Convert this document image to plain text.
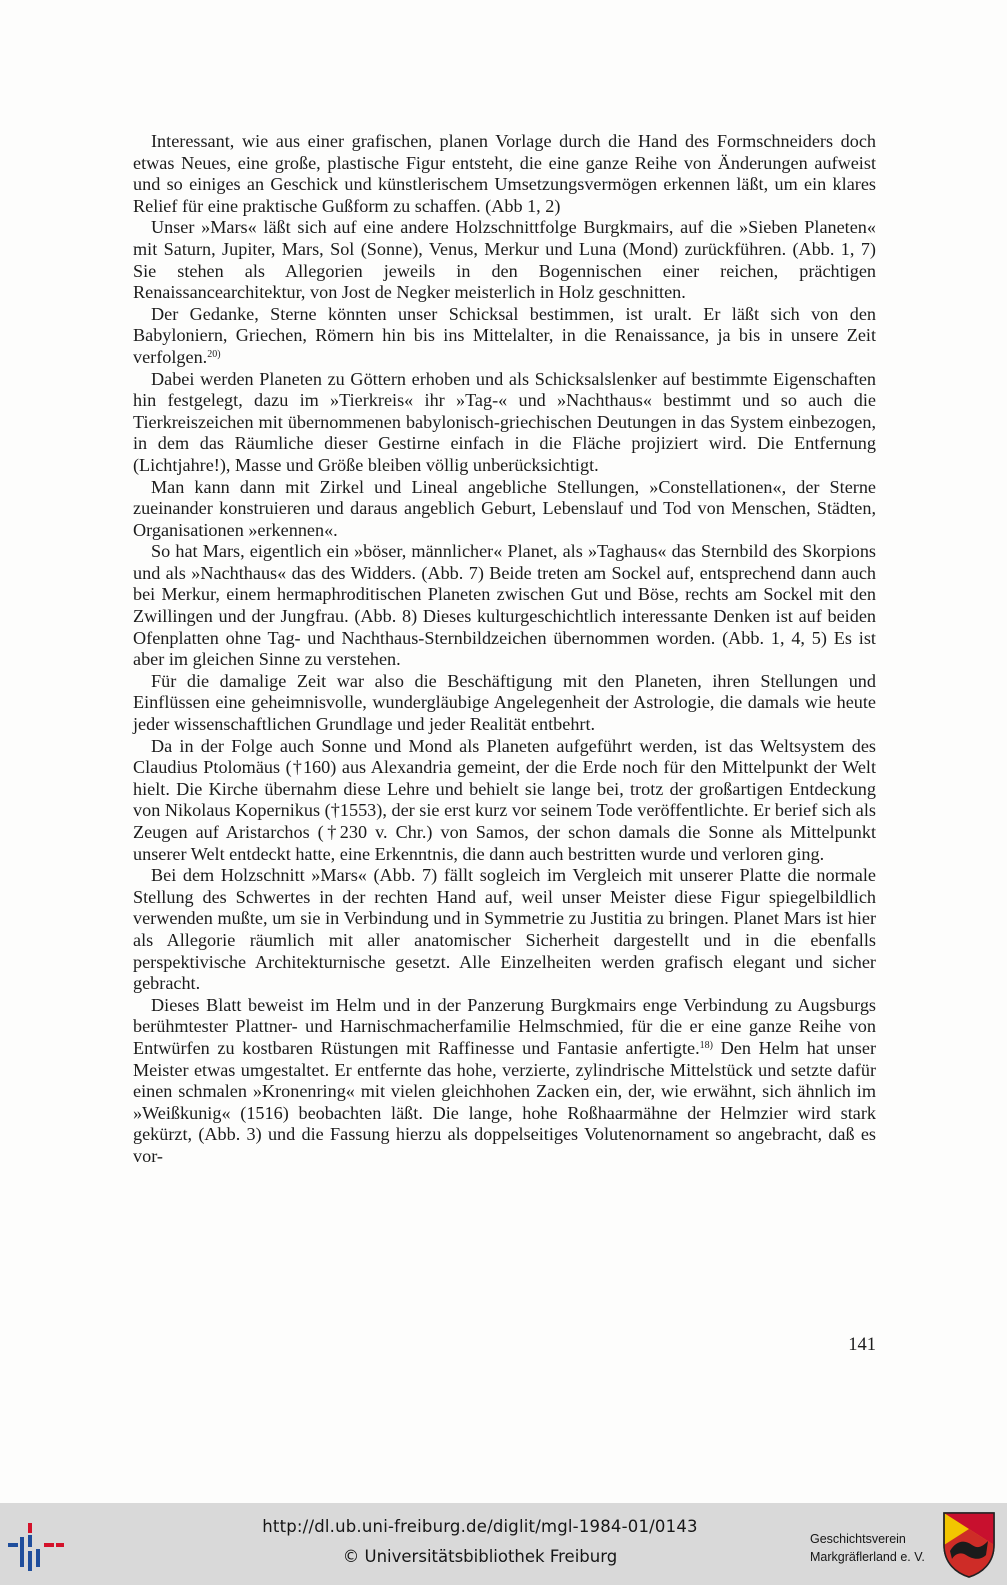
Interessant, wie aus einer grafischen, planen Vorlage durch die Hand des Formschneiders doch etwas Neues, eine große, plastische Figur entsteht, die eine ganze Reihe von Änderungen aufweist und so einiges an Geschick und künstlerischem Umsetzungsvermögen erkennen läßt, um ein klares Relief für eine praktische Gußform zu schaffen. (Abb 1, 2)

Unser »Mars« läßt sich auf eine andere Holzschnittfolge Burgkmairs, auf die »Sieben Planeten« mit Saturn, Jupiter, Mars, Sol (Sonne), Venus, Merkur und Luna (Mond) zurückführen. (Abb. 1, 7) Sie stehen als Allegorien jeweils in den Bogennischen einer reichen, prächtigen Renaissancearchitektur, von Jost de Negker meisterlich in Holz geschnitten.

Der Gedanke, Sterne könnten unser Schicksal bestimmen, ist uralt. Er läßt sich von den Babyloniern, Griechen, Römern hin bis ins Mittelalter, in die Renaissance, ja bis in unsere Zeit verfolgen.$^{20)}$

Dabei werden Planeten zu Göttern erhoben und als Schicksalslenker auf bestimmte Eigenschaften hin festgelegt, dazu im »Tierkreis« ihr »Tag-« und »Nachthaus« bestimmt und so auch die Tierkreiszeichen mit übernommenen babylonisch-griechischen Deutungen in das System einbezogen, in dem das Räumliche dieser Gestirne einfach in die Fläche projiziert wird. Die Entfernung (Lichtjahre!), Masse und Größe bleiben völlig unberücksichtigt.

Man kann dann mit Zirkel und Lineal angebliche Stellungen, »Constellationen«, der Sterne zueinander konstruieren und daraus angeblich Geburt, Lebenslauf und Tod von Menschen, Städten, Organisationen »erkennen«.

So hat Mars, eigentlich ein »böser, männlicher« Planet, als »Taghaus« das Sternbild des Skorpions und als »Nachthaus« das des Widders. (Abb. 7) Beide treten am Sockel auf, entsprechend dann auch bei Merkur, einem hermaphroditischen Planeten zwischen Gut und Böse, rechts am Sockel mit den Zwillingen und der Jungfrau. (Abb. 8) Dieses kulturgeschichtlich interessante Denken ist auf beiden Ofenplatten ohne Tag- und Nachthaus-Sternbildzeichen übernommen worden. (Abb. 1, 4, 5) Es ist aber im gleichen Sinne zu verstehen.

Für die damalige Zeit war also die Beschäftigung mit den Planeten, ihren Stellungen und Einflüssen eine geheimnisvolle, wundergläubige Angelegenheit der Astrologie, die damals wie heute jeder wissenschaftlichen Grundlage und jeder Realität entbehrt.

Da in der Folge auch Sonne und Mond als Planeten aufgeführt werden, ist das Weltsystem des Claudius Ptolomäus (†160) aus Alexandria gemeint, der die Erde noch für den Mittelpunkt der Welt hielt. Die Kirche übernahm diese Lehre und behielt sie lange bei, trotz der großartigen Entdeckung von Nikolaus Kopernikus (†1553), der sie erst kurz vor seinem Tode veröffentlichte. Er berief sich als Zeugen auf Aristarchos (†230 v. Chr.) von Samos, der schon damals die Sonne als Mittelpunkt unserer Welt entdeckt hatte, eine Erkenntnis, die dann auch bestritten wurde und verloren ging.

Bei dem Holzschnitt »Mars« (Abb. 7) fällt sogleich im Vergleich mit unserer Platte die normale Stellung des Schwertes in der rechten Hand auf, weil unser Meister diese Figur spiegelbildlich verwenden mußte, um sie in Verbindung und in Symmetrie zu Justitia zu bringen. Planet Mars ist hier als Allegorie räumlich mit aller anatomischer Sicherheit dargestellt und in die ebenfalls perspektivische Architekturnische gesetzt. Alle Einzelheiten werden grafisch elegant und sicher gebracht.

Dieses Blatt beweist im Helm und in der Panzerung Burgkmairs enge Verbindung zu Augsburgs berühmtester Plattner- und Harnischmacherfamilie Helmschmied, für die er eine ganze Reihe von Entwürfen zu kostbaren Rüstungen mit Raffinesse und Fantasie anfertigte.$^{18)}$ Den Helm hat unser Meister etwas umgestaltet. Er entfernte das hohe, verzierte, zylindrische Mittelstück und setzte dafür einen schmalen »Kronenring« mit vielen gleichhohen Zacken ein, der, wie erwähnt, sich ähnlich im »Weißkunig« (1516) beobachten läßt. Die lange, hohe Roßhaarmähne der Helmzier wird stark gekürzt, (Abb. 3) und die Fassung hierzu als doppelseitiges Volutenornament so angebracht, daß es vor-

141
http://dl.ub.uni-freiburg.de/diglit/mgl-1984-01/0143
© Universitätsbibliothek Freiburg
Geschichtsverein
Markgräflerland e. V.
